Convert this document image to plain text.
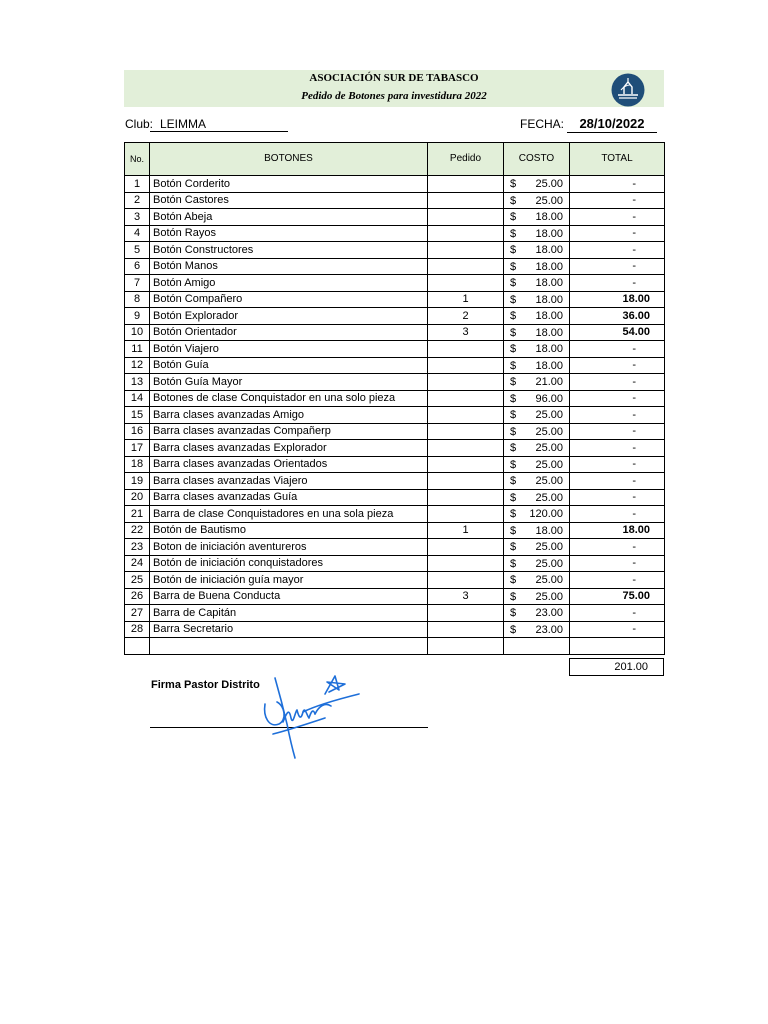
ASOCIACIÓN SUR DE TABASCO
Pedido de Botones para investidura 2022
Club: LEIMMA	FECHA:	28/10/2022
No.	BOTONES	Pedido	COSTO	TOTAL
1	Botón Corderito		$ 25.00	-
2	Botón Castores		$ 25.00	-
3	Botón Abeja		$ 18.00	-
4	Botón Rayos		$ 18.00	-
5	Botón Constructores		$ 18.00	-
6	Botón Manos		$ 18.00	-
7	Botón Amigo		$ 18.00	-
8	Botón Compañero	1	$ 18.00	18.00
9	Botón Explorador	2	$ 18.00	36.00
10	Botón Orientador	3	$ 18.00	54.00
11	Botón Viajero		$ 18.00	-
12	Botón Guía		$ 18.00	-
13	Botón Guía Mayor		$ 21.00	-
14	Botones de clase Conquistador en una solo pieza		$ 96.00	-
15	Barra clases avanzadas Amigo		$ 25.00	-
16	Barra clases avanzadas Compañerp		$ 25.00	-
17	Barra clases avanzadas Explorador		$ 25.00	-
18	Barra clases avanzadas Orientados		$ 25.00	-
19	Barra clases avanzadas Viajero		$ 25.00	-
20	Barra clases avanzadas Guía		$ 25.00	-
21	Barra de clase Conquistadores en una sola pieza		$ 120.00	-
22	Botón de Bautismo	1	$ 18.00	18.00
23	Boton de iniciación aventureros		$ 25.00	-
24	Botón de iniciación conquistadores		$ 25.00	-
25	Botón de iniciación guía mayor		$ 25.00	-
26	Barra de Buena Conducta	3	$ 25.00	75.00
27	Barra de Capitán		$ 23.00	-
28	Barra Secretario		$ 23.00	-

201.00
Firma Pastor Distrito
